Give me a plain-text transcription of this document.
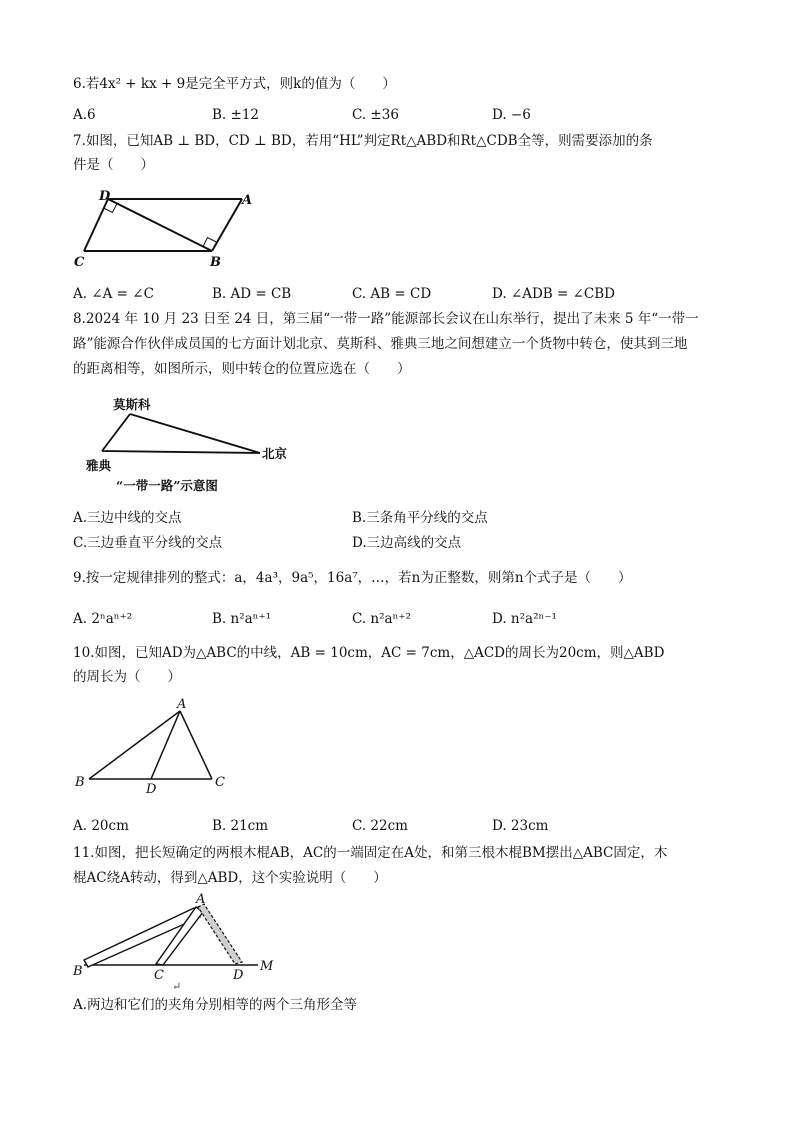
6.若4x² + kx + 9是完全平方式，则k的值为（　　）
A.6	B. ±12	C. ±36	D. −6
7.如图，已知AB ⊥ BD，CD ⊥ BD，若用“HL”判定Rt△ABD和Rt△CDB全等，则需要添加的条
件是（　　）
D	A
C	B
A. ∠A = ∠C	B. AD = CB	C. AB = CD	D. ∠ADB = ∠CBD
8.2024 年 10 月 23 日至 24 日，第三届“一带一路”能源部长会议在山东举行，提出了未来 5 年“一带一
路”能源合作伙伴成员国的七方面计划北京、莫斯科、雅典三地之间想建立一个货物中转仓，使其到三地
的距离相等，如图所示，则中转仓的位置应选在（　　）
莫斯科
雅典
北京
“一带一路”示意图
A.三边中线的交点	B.三条角平分线的交点
C.三边垂直平分线的交点	D.三边高线的交点
9.按一定规律排列的整式：a，4a³，9a⁵，16a⁷，…，若n为正整数，则第n个式子是（　　）
A. 2ⁿaⁿ⁺²	B. n²aⁿ⁺¹	C. n²aⁿ⁺²	D. n²a²ⁿ⁻¹
10.如图，已知AD为△ABC的中线，AB = 10cm，AC = 7cm，△ACD的周长为20cm，则△ABD
的周长为（　　）
A
B	D	C
A. 20cm	B. 21cm	C. 22cm	D. 23cm
11.如图，把长短确定的两根木棍AB，AC的一端固定在A处，和第三根木棍BM摆出△ABC固定，木
棍AC绕A转动，得到△ABD，这个实验说明（　　）
A
B	C	D
M
↵
A.两边和它们的夹角分别相等的两个三角形全等
